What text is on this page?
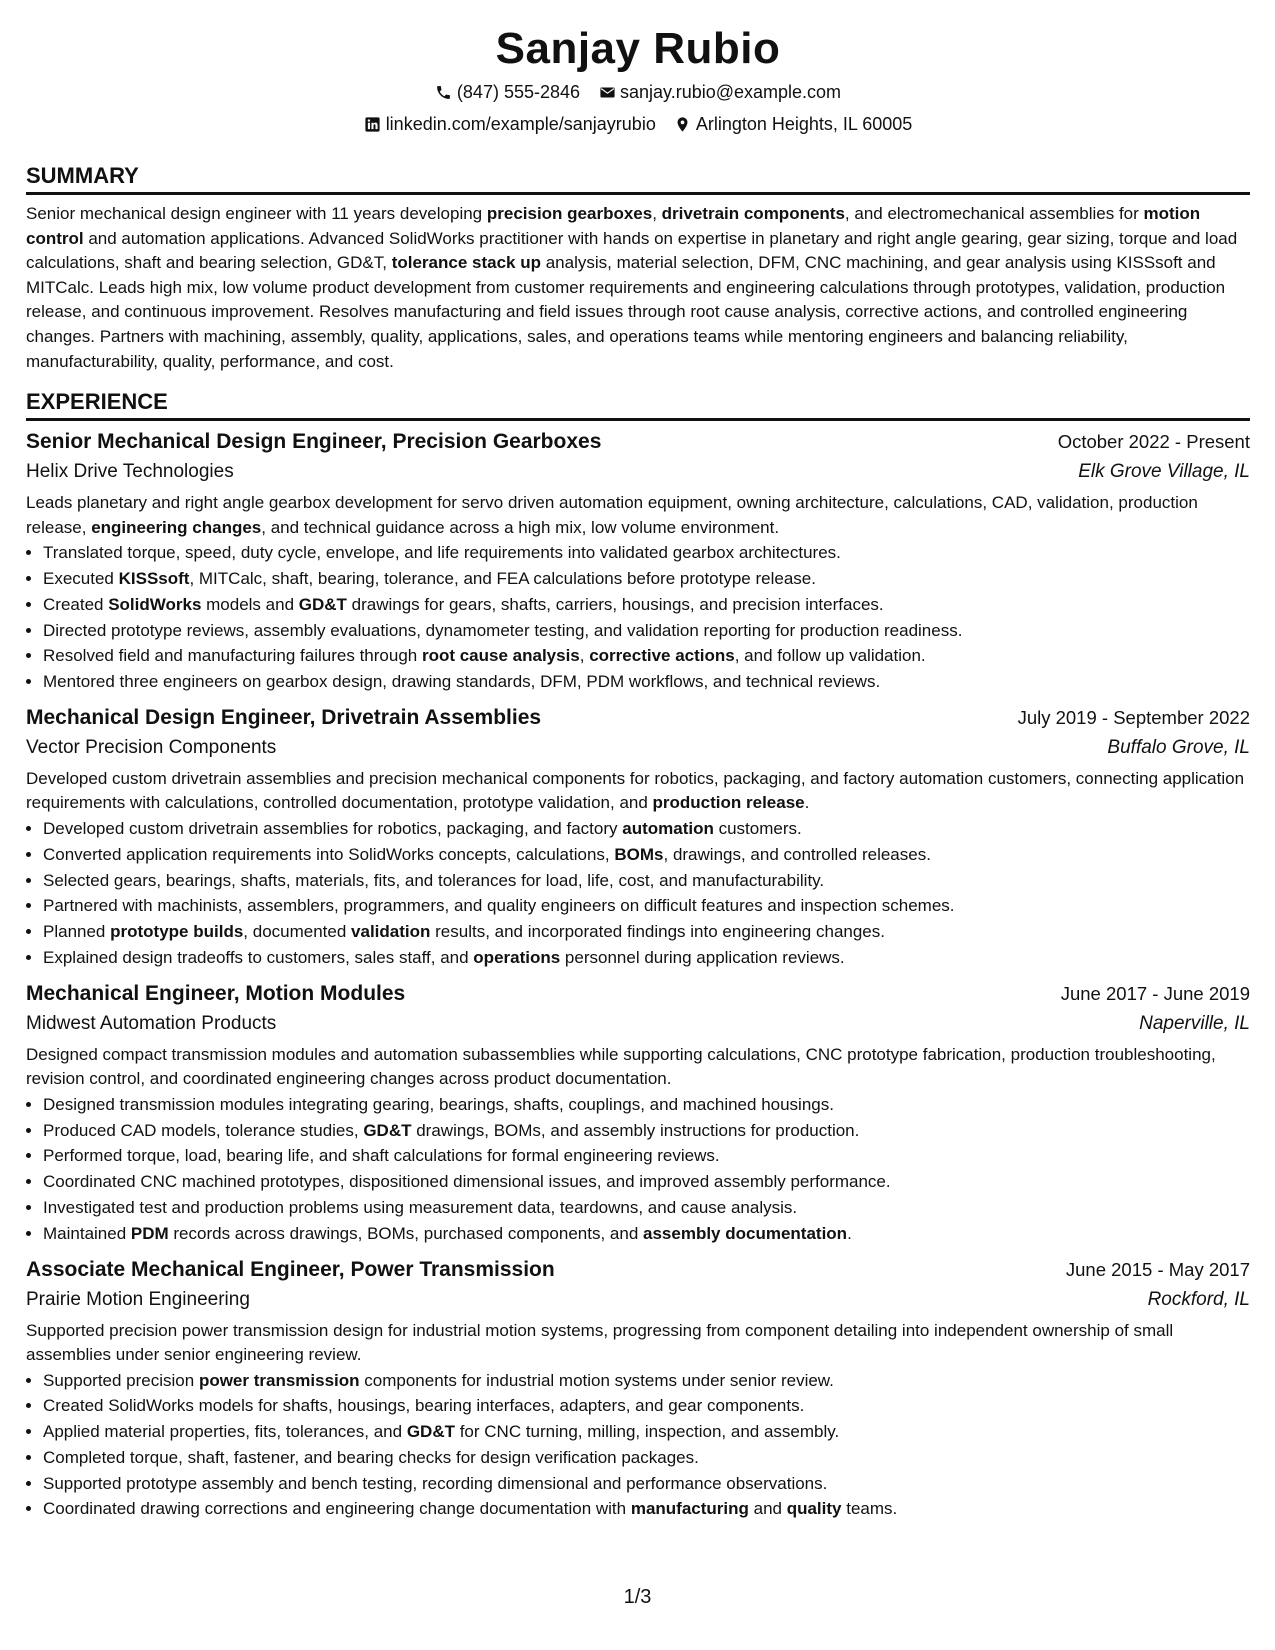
Sanjay Rubio
(847) 555-2846 sanjay.rubio@example.com
linkedin.com/example/sanjayrubio Arlington Heights, IL 60005
SUMMARY
Senior mechanical design engineer with 11 years developing precision gearboxes, drivetrain components, and electromechanical assemblies for motion control and automation applications. Advanced SolidWorks practitioner with hands on expertise in planetary and right angle gearing, gear sizing, torque and load calculations, shaft and bearing selection, GD&T, tolerance stack up analysis, material selection, DFM, CNC machining, and gear analysis using KISSsoft and MITCalc. Leads high mix, low volume product development from customer requirements and engineering calculations through prototypes, validation, production release, and continuous improvement. Resolves manufacturing and field issues through root cause analysis, corrective actions, and controlled engineering changes. Partners with machining, assembly, quality, applications, sales, and operations teams while mentoring engineers and balancing reliability, manufacturability, quality, performance, and cost.
EXPERIENCE
Senior Mechanical Design Engineer, Precision Gearboxes	October 2022 - Present
Helix Drive Technologies	Elk Grove Village, IL
Leads planetary and right angle gearbox development for servo driven automation equipment, owning architecture, calculations, CAD, validation, production release, engineering changes, and technical guidance across a high mix, low volume environment.
• Translated torque, speed, duty cycle, envelope, and life requirements into validated gearbox architectures.
• Executed KISSsoft, MITCalc, shaft, bearing, tolerance, and FEA calculations before prototype release.
• Created SolidWorks models and GD&T drawings for gears, shafts, carriers, housings, and precision interfaces.
• Directed prototype reviews, assembly evaluations, dynamometer testing, and validation reporting for production readiness.
• Resolved field and manufacturing failures through root cause analysis, corrective actions, and follow up validation.
• Mentored three engineers on gearbox design, drawing standards, DFM, PDM workflows, and technical reviews.
Mechanical Design Engineer, Drivetrain Assemblies	July 2019 - September 2022
Vector Precision Components	Buffalo Grove, IL
Developed custom drivetrain assemblies and precision mechanical components for robotics, packaging, and factory automation customers, connecting application requirements with calculations, controlled documentation, prototype validation, and production release.
• Developed custom drivetrain assemblies for robotics, packaging, and factory automation customers.
• Converted application requirements into SolidWorks concepts, calculations, BOMs, drawings, and controlled releases.
• Selected gears, bearings, shafts, materials, fits, and tolerances for load, life, cost, and manufacturability.
• Partnered with machinists, assemblers, programmers, and quality engineers on difficult features and inspection schemes.
• Planned prototype builds, documented validation results, and incorporated findings into engineering changes.
• Explained design tradeoffs to customers, sales staff, and operations personnel during application reviews.
Mechanical Engineer, Motion Modules	June 2017 - June 2019
Midwest Automation Products	Naperville, IL
Designed compact transmission modules and automation subassemblies while supporting calculations, CNC prototype fabrication, production troubleshooting, revision control, and coordinated engineering changes across product documentation.
• Designed transmission modules integrating gearing, bearings, shafts, couplings, and machined housings.
• Produced CAD models, tolerance studies, GD&T drawings, BOMs, and assembly instructions for production.
• Performed torque, load, bearing life, and shaft calculations for formal engineering reviews.
• Coordinated CNC machined prototypes, dispositioned dimensional issues, and improved assembly performance.
• Investigated test and production problems using measurement data, teardowns, and cause analysis.
• Maintained PDM records across drawings, BOMs, purchased components, and assembly documentation.
Associate Mechanical Engineer, Power Transmission	June 2015 - May 2017
Prairie Motion Engineering	Rockford, IL
Supported precision power transmission design for industrial motion systems, progressing from component detailing into independent ownership of small assemblies under senior engineering review.
• Supported precision power transmission components for industrial motion systems under senior review.
• Created SolidWorks models for shafts, housings, bearing interfaces, adapters, and gear components.
• Applied material properties, fits, tolerances, and GD&T for CNC turning, milling, inspection, and assembly.
• Completed torque, shaft, fastener, and bearing checks for design verification packages.
• Supported prototype assembly and bench testing, recording dimensional and performance observations.
• Coordinated drawing corrections and engineering change documentation with manufacturing and quality teams.
1/3
